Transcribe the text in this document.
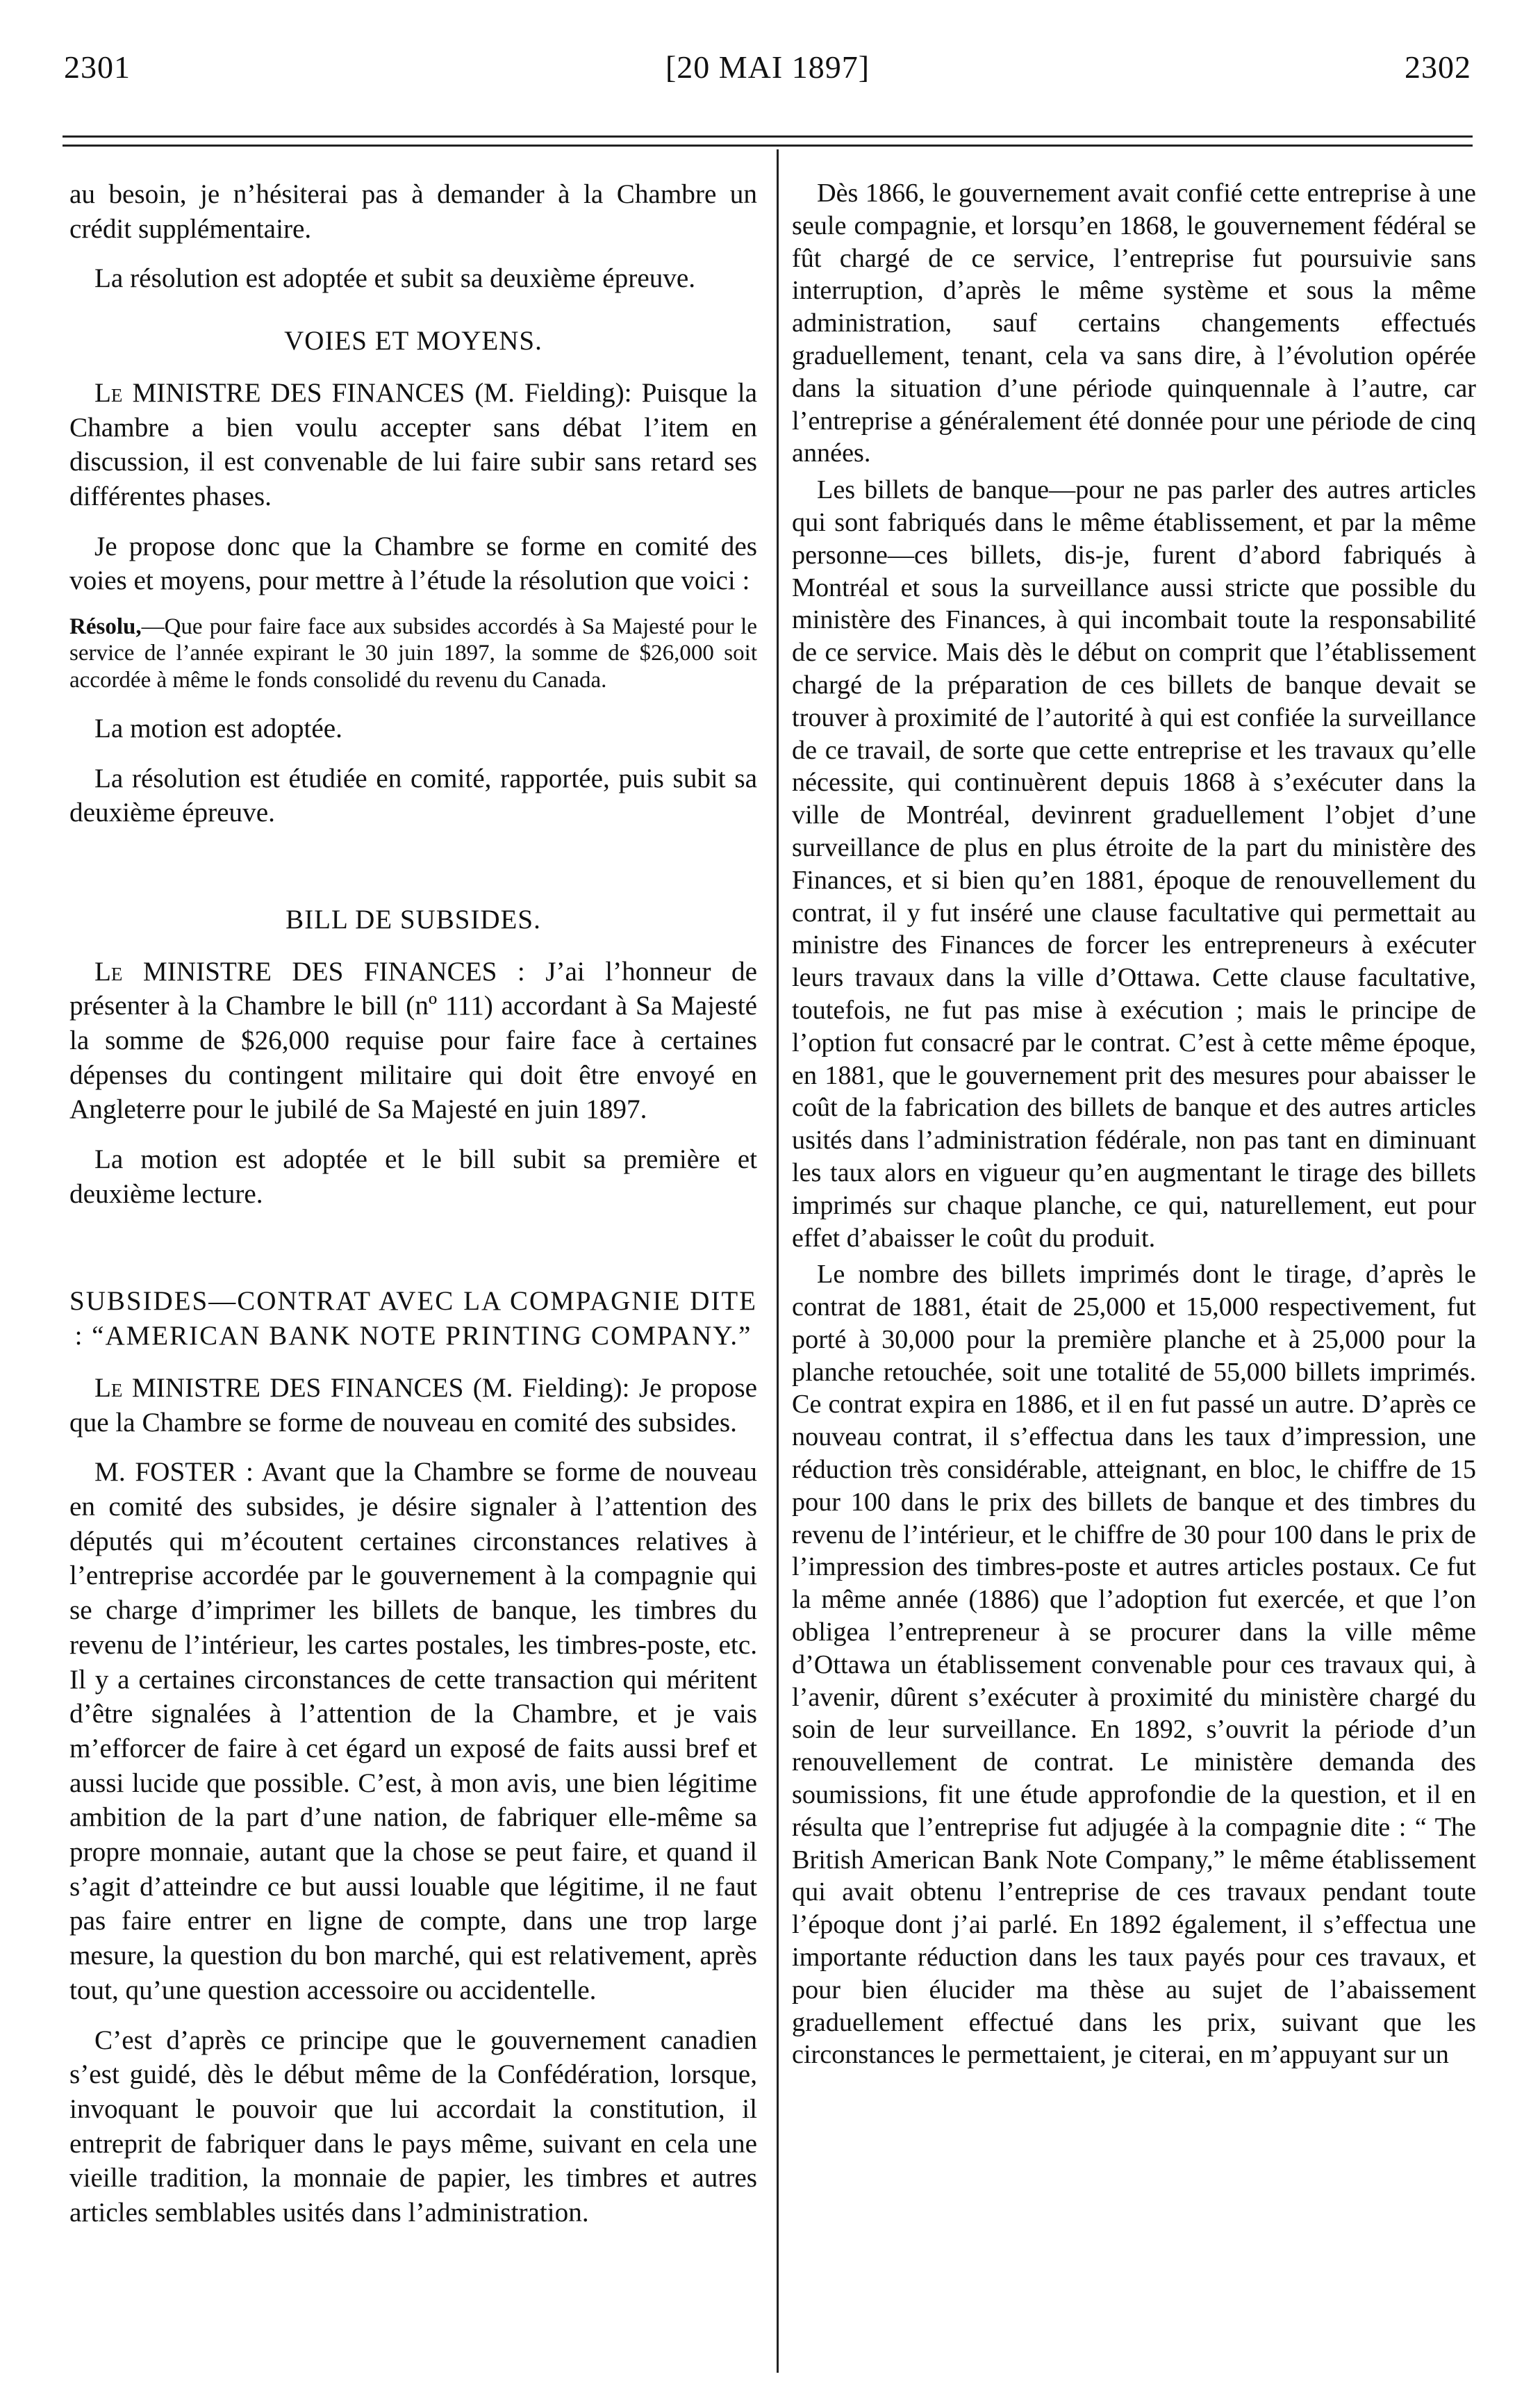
2301	[20 MAI 1897]	2302

au besoin, je n’hésiterai pas à demander à la Chambre un crédit supplémentaire.

La résolution est adoptée et subit sa deuxième épreuve.

VOIES ET MOYENS.

Le MINISTRE DES FINANCES (M. Fielding): Puisque la Chambre a bien voulu accepter sans débat l’item en discussion, il est convenable de lui faire subir sans retard ses différentes phases.

Je propose donc que la Chambre se forme en comité des voies et moyens, pour mettre à l’étude la résolution que voici :

Résolu,—Que pour faire face aux subsides accordés à Sa Majesté pour le service de l’année expirant le 30 juin 1897, la somme de $26,000 soit accordée à même le fonds consolidé du revenu du Canada.

La motion est adoptée.

La résolution est étudiée en comité, rapportée, puis subit sa deuxième épreuve.

BILL DE SUBSIDES.

Le MINISTRE DES FINANCES : J’ai l’honneur de présenter à la Chambre le bill (nº 111) accordant à Sa Majesté la somme de $26,000 requise pour faire face à certaines dépenses du contingent militaire qui doit être envoyé en Angleterre pour le jubilé de Sa Majesté en juin 1897.

La motion est adoptée et le bill subit sa première et deuxième lecture.

SUBSIDES—CONTRAT AVEC LA COMPAGNIE DITE : “AMERICAN BANK NOTE PRINTING COMPANY.”

Le MINISTRE DES FINANCES (M. Fielding): Je propose que la Chambre se forme de nouveau en comité des subsides.

M. FOSTER : Avant que la Chambre se forme de nouveau en comité des subsides, je désire signaler à l’attention des députés qui m’écoutent certaines circonstances relatives à l’entreprise accordée par le gouvernement à la compagnie qui se charge d’imprimer les billets de banque, les timbres du revenu de l’intérieur, les cartes postales, les timbres-poste, etc. Il y a certaines circonstances de cette transaction qui méritent d’être signalées à l’attention de la Chambre, et je vais m’efforcer de faire à cet égard un exposé de faits aussi bref et aussi lucide que possible. C’est, à mon avis, une bien légitime ambition de la part d’une nation, de fabriquer elle-même sa propre monnaie, autant que la chose se peut faire, et quand il s’agit d’atteindre ce but aussi louable que légitime, il ne faut pas faire entrer en ligne de compte, dans une trop large mesure, la question du bon marché, qui est relativement, après tout, qu’une question accessoire ou accidentelle.

C’est d’après ce principe que le gouvernement canadien s’est guidé, dès le début même de la Confédération, lorsque, invoquant le pouvoir que lui accordait la constitution, il entreprit de fabriquer dans le pays même, suivant en cela une vieille tradition, la monnaie de papier, les timbres et autres articles semblables usités dans l’administration.

Dès 1866, le gouvernement avait confié cette entreprise à une seule compagnie, et lorsqu’en 1868, le gouvernement fédéral se fût chargé de ce service, l’entreprise fut poursuivie sans interruption, d’après le même système et sous la même administration, sauf certains changements effectués graduellement, tenant, cela va sans dire, à l’évolution opérée dans la situation d’une période quinquennale à l’autre, car l’entreprise a généralement été donnée pour une période de cinq années.

Les billets de banque—pour ne pas parler des autres articles qui sont fabriqués dans le même établissement, et par la même personne—ces billets, dis-je, furent d’abord fabriqués à Montréal et sous la surveillance aussi stricte que possible du ministère des Finances, à qui incombait toute la responsabilité de ce service. Mais dès le début on comprit que l’établissement chargé de la préparation de ces billets de banque devait se trouver à proximité de l’autorité à qui est confiée la surveillance de ce travail, de sorte que cette entreprise et les travaux qu’elle nécessite, qui continuèrent depuis 1868 à s’exécuter dans la ville de Montréal, devinrent graduellement l’objet d’une surveillance de plus en plus étroite de la part du ministère des Finances, et si bien qu’en 1881, époque de renouvellement du contrat, il y fut inséré une clause facultative qui permettait au ministre des Finances de forcer les entrepreneurs à exécuter leurs travaux dans la ville d’Ottawa. Cette clause facultative, toutefois, ne fut pas mise à exécution ; mais le principe de l’option fut consacré par le contrat. C’est à cette même époque, en 1881, que le gouvernement prit des mesures pour abaisser le coût de la fabrication des billets de banque et des autres articles usités dans l’administration fédérale, non pas tant en diminuant les taux alors en vigueur qu’en augmentant le tirage des billets imprimés sur chaque planche, ce qui, naturellement, eut pour effet d’abaisser le coût du produit.

Le nombre des billets imprimés dont le tirage, d’après le contrat de 1881, était de 25,000 et 15,000 respectivement, fut porté à 30,000 pour la première planche et à 25,000 pour la planche retouchée, soit une totalité de 55,000 billets imprimés. Ce contrat expira en 1886, et il en fut passé un autre. D’après ce nouveau contrat, il s’effectua dans les taux d’impression, une réduction très considérable, atteignant, en bloc, le chiffre de 15 pour 100 dans le prix des billets de banque et des timbres du revenu de l’intérieur, et le chiffre de 30 pour 100 dans le prix de l’impression des timbres-poste et autres articles postaux. Ce fut la même année (1886) que l’adoption fut exercée, et que l’on obligea l’entrepreneur à se procurer dans la ville même d’Ottawa un établissement convenable pour ces travaux qui, à l’avenir, dûrent s’exécuter à proximité du ministère chargé du soin de leur surveillance. En 1892, s’ouvrit la période d’un renouvellement de contrat. Le ministère demanda des soumissions, fit une étude approfondie de la question, et il en résulta que l’entreprise fut adjugée à la compagnie dite : “ The British American Bank Note Company,” le même établissement qui avait obtenu l’entreprise de ces travaux pendant toute l’époque dont j’ai parlé. En 1892 également, il s’effectua une importante réduction dans les taux payés pour ces travaux, et pour bien élucider ma thèse au sujet de l’abaissement graduellement effectué dans les prix, suivant que les circonstances le permettaient, je citerai, en m’appuyant sur un
